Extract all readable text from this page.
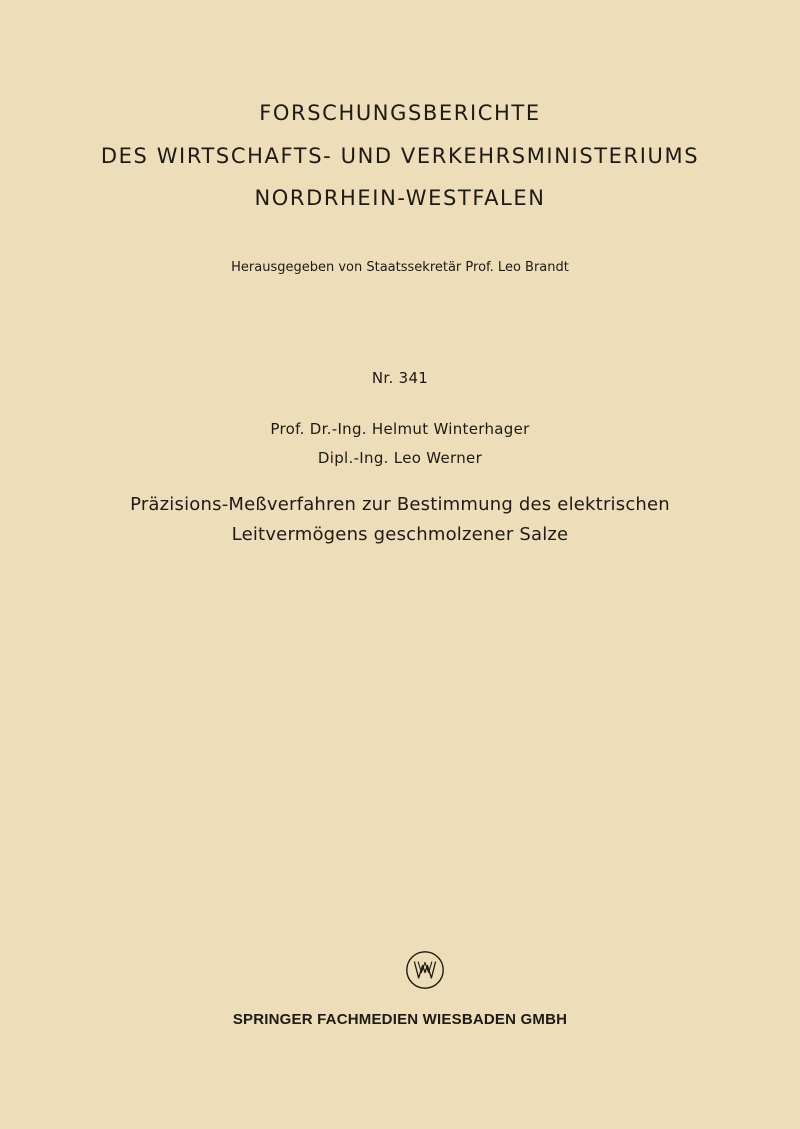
FORSCHUNGSBERICHTE
DES WIRTSCHAFTS- UND VERKEHRSMINISTERIUMS
NORDRHEIN-WESTFALEN

Herausgegeben von Staatssekretär Prof. Leo Brandt

Nr. 341

Prof. Dr.-Ing. Helmut Winterhager

Dipl.-Ing. Leo Werner

Präzisions-Meßverfahren zur Bestimmung des elektrischen
Leitvermögens geschmolzener Salze

SPRINGER FACHMEDIEN WIESBADEN GMBH
